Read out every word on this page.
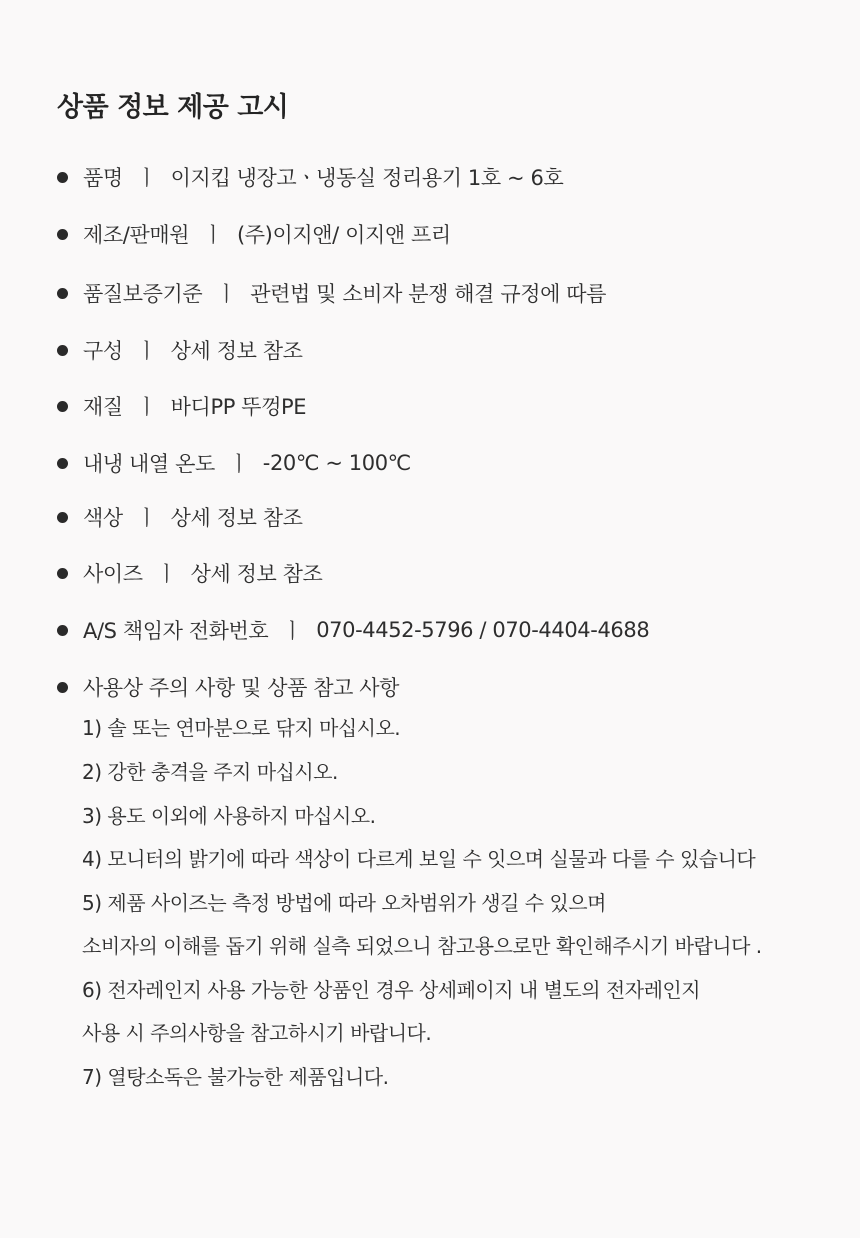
상품 정보 제공 고시
품명 ㅣ 이지킵 냉장고ㆍ냉동실 정리용기 1호 ~ 6호
제조/판매원 ㅣ (주)이지앤/ 이지앤 프리
품질보증기준 ㅣ 관련법 및 소비자 분쟁 해결 규정에 따름
구성 ㅣ 상세 정보 참조
재질 ㅣ 바디PP 뚜껑PE
내냉 내열 온도 ㅣ -20℃ ~ 100℃
색상 ㅣ 상세 정보 참조
사이즈 ㅣ 상세 정보 참조
A/S 책임자 전화번호 ㅣ 070-4452-5796 / 070-4404-4688
사용상 주의 사항 및 상품 참고 사항
1) 솔 또는 연마분으로 닦지 마십시오.
2) 강한 충격을 주지 마십시오.
3) 용도 이외에 사용하지 마십시오.
4) 모니터의 밝기에 따라 색상이 다르게 보일 수 잇으며 실물과 다를 수 있습니다
5) 제품 사이즈는 측정 방법에 따라 오차범위가 생길 수 있으며
소비자의 이해를 돕기 위해 실측 되었으니 참고용으로만 확인해주시기 바랍니다 .
6) 전자레인지 사용 가능한 상품인 경우 상세페이지 내 별도의 전자레인지
사용 시 주의사항을 참고하시기 바랍니다.
7) 열탕소독은 불가능한 제품입니다.
